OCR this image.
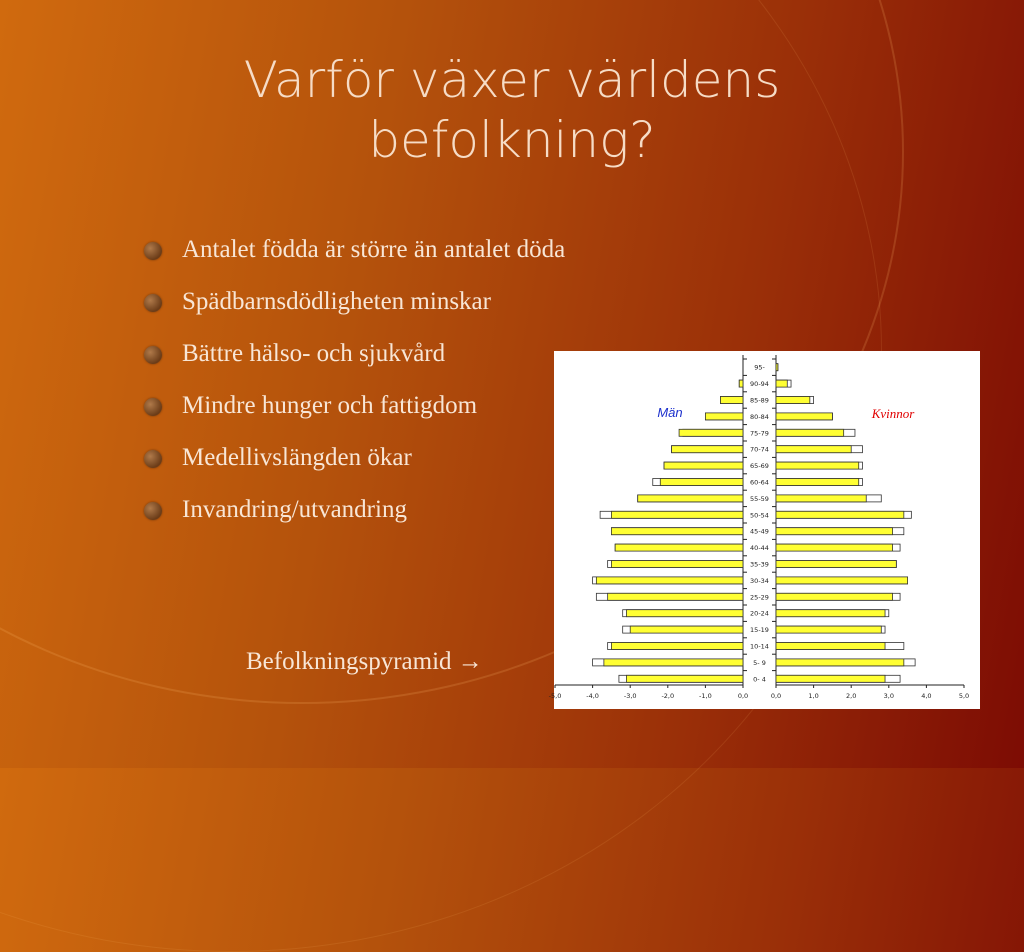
Varför växer världens
befolkning?
Antalet födda är större än antalet döda
Spädbarnsdödligheten minskar
Bättre hälso- och sjukvård
Mindre hunger och fattigdom
Medellivslängden ökar
Invandring/utvandring
Befolkningspyramid →
0- 4
5- 9
10-14
15-19
20-24
25-29
30-34
35-39
40-44
45-49
50-54
55-59
60-64
65-69
70-74
75-79
80-84
85-89
90-94
95-
-5,0	-4,0	-3,0	-2,0	-1,0	0,0	0,0	1,0	2,0	3,0	4,0	5,0
Män	Kvinnor
